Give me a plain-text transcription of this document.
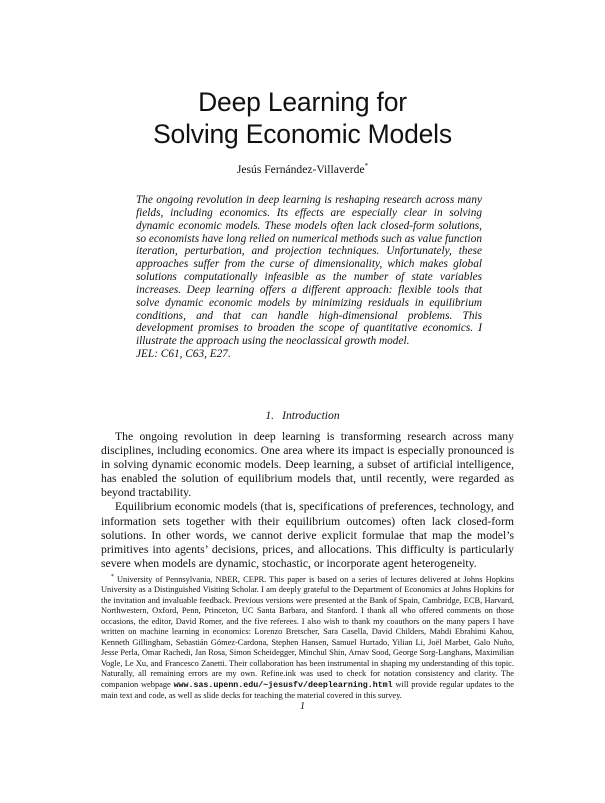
Deep Learning for
Solving Economic Models
Jesús Fernández-Villaverde*

The ongoing revolution in deep learning is reshaping research across many fields, including economics. Its effects are especially clear in solving dynamic economic models. These models often lack closed-form solutions, so economists have long relied on numerical methods such as value function iteration, perturbation, and projection techniques. Unfortunately, these approaches suffer from the curse of dimensionality, which makes global solutions computationally infeasible as the number of state variables increases. Deep learning offers a different approach: flexible tools that solve dynamic economic models by minimizing residuals in equilibrium conditions, and that can handle high-dimensional problems. This development promises to broaden the scope of quantitative economics. I illustrate the approach using the neoclassical growth model.

JEL: C61, C63, E27.
1. Introduction

The ongoing revolution in deep learning is transforming research across many disciplines, including economics. One area where its impact is especially pronounced is in solving dynamic economic models. Deep learning, a subset of artificial intelligence, has enabled the solution of equilibrium models that, until recently, were regarded as beyond tractability.

Equilibrium economic models (that is, specifications of preferences, technology, and information sets together with their equilibrium outcomes) often lack closed-form solutions. In other words, we cannot derive explicit formulae that map the model’s primitives into agents’ decisions, prices, and allocations. This difficulty is particularly severe when models are dynamic, stochastic, or incorporate agent heterogeneity.

* University of Pennsylvania, NBER, CEPR. This paper is based on a series of lectures delivered at Johns Hopkins University as a Distinguished Visiting Scholar. I am deeply grateful to the Department of Economics at Johns Hopkins for the invitation and invaluable feedback. Previous versions were presented at the Bank of Spain, Cambridge, ECB, Harvard, Northwestern, Oxford, Penn, Princeton, UC Santa Barbara, and Stanford. I thank all who offered comments on those occasions, the editor, David Romer, and the five referees. I also wish to thank my coauthors on the many papers I have written on machine learning in economics: Lorenzo Bretscher, Sara Casella, David Childers, Mahdi Ebrahimi Kahou, Kenneth Gillingham, Sebastián Gómez-Cardona, Stephen Hansen, Samuel Hurtado, Yilian Li, Joël Marbet, Galo Nuño, Jesse Perla, Omar Rachedi, Jan Rosa, Simon Scheidegger, Minchul Shin, Arnav Sood, George Sorg-Langhans, Maximilian Vogle, Le Xu, and Francesco Zanetti. Their collaboration has been instrumental in shaping my understanding of this topic. Naturally, all remaining errors are my own. Refine.ink was used to check for notation consistency and clarity. The companion webpage www.sas.upenn.edu/~jesusfv/deeplearning.html will provide regular updates to the main text and code, as well as slide decks for teaching the material covered in this survey.

1
